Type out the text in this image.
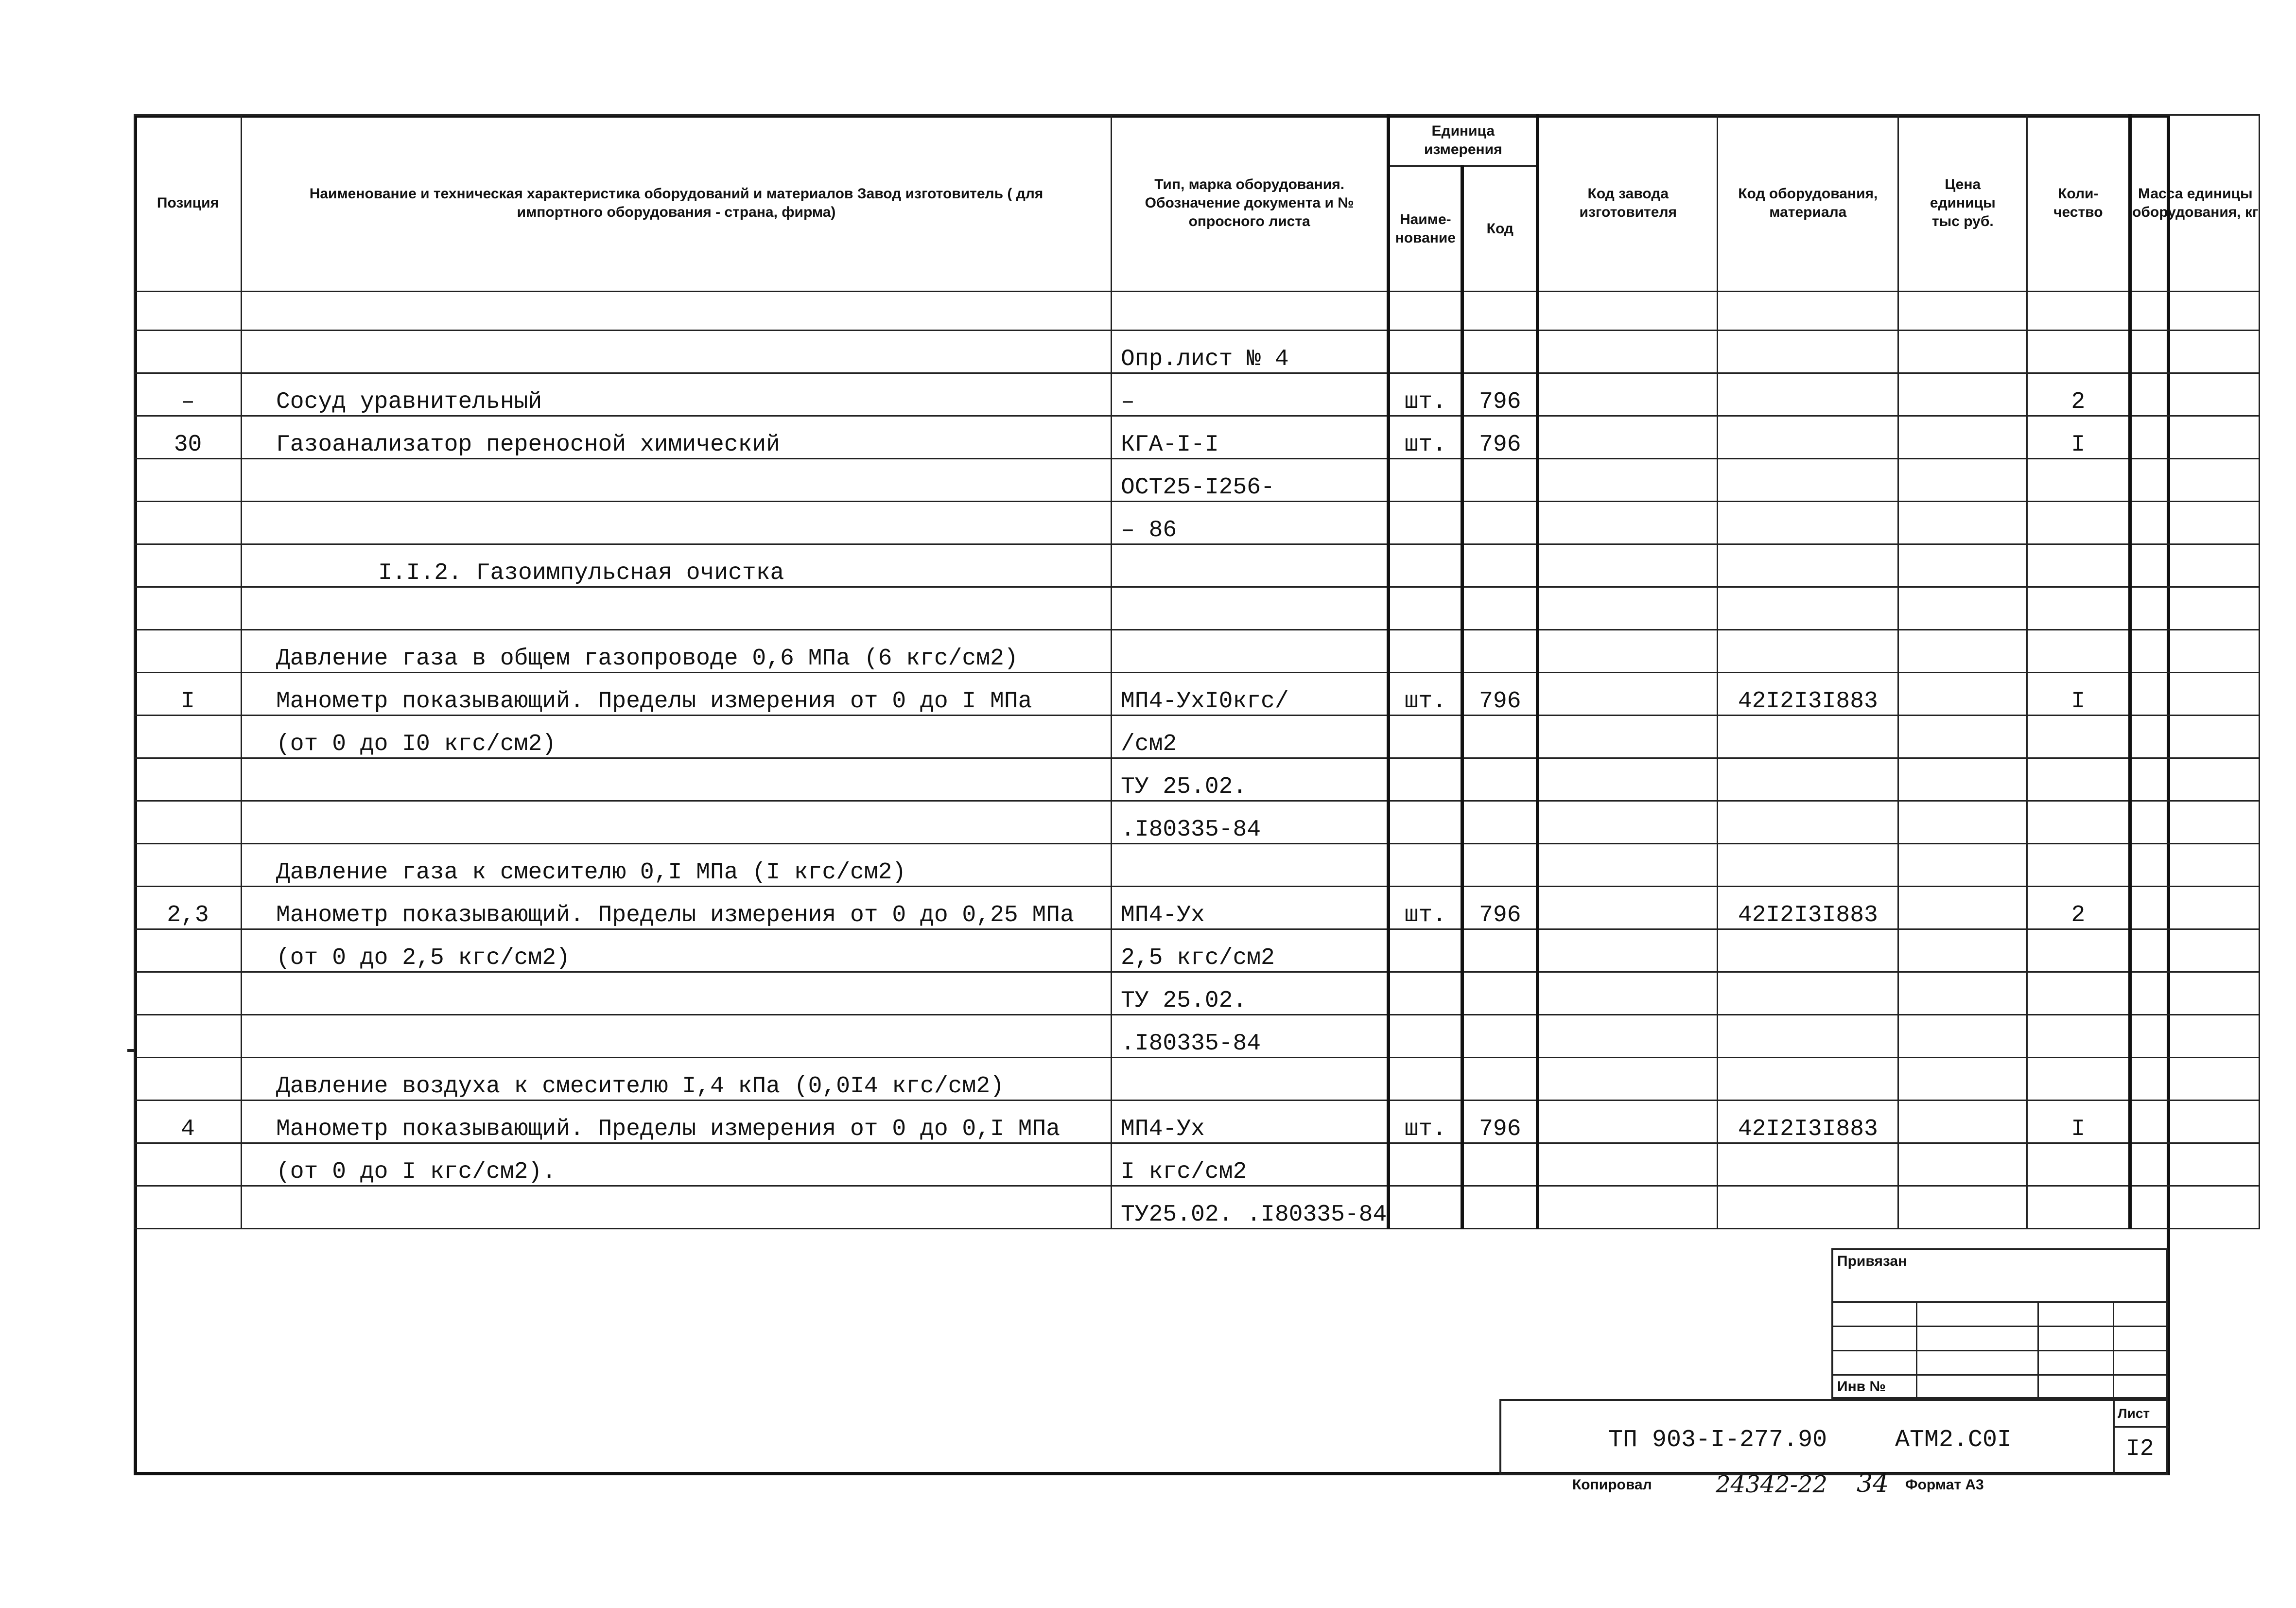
Позиция	Наименование и техническая характеристика оборудований и материалов Завод изготовитель ( для импортного оборудования - страна, фирма)	Тип, марка оборудования. Обозначение документа и № опросного листа	Единица измерения		Код завода изготовителя	Код оборудования, материала	Цена единицы тыс руб.	Коли-чество	Масса единицы оборудования, кг
			Наиме-нование	Код					

		Опр.лист № 4							
–	Сосуд уравнительный	–	шт.	796				2	
30	Газоанализатор переносной химический	КГА-I-I	шт.	796				I	
		ОСТ25-I256-							
		– 86							
	I.I.2. Газоимпульсная очистка								

	Давление газа в общем газопроводе 0,6 МПа (6 кгс/см2)								
I	Манометр показывающий. Пределы измерения от 0 до I МПа	МП4-УхI0кгс/	шт.	796		42I2I3I883		I	
	(от 0 до I0 кгс/см2)	/см2							
		ТУ 25.02.							
		.I80335-84							
	Давление газа к смесителю 0,I МПа (I кгс/см2)								
2,3	Манометр показывающий. Пределы измерения от 0 до 0,25 МПа	МП4-Ух	шт.	796		42I2I3I883		2	
	(от 0 до 2,5 кгс/см2)	2,5 кгс/см2							
		ТУ 25.02.							
		.I80335-84							
	Давление воздуха к смесителю I,4 кПа (0,0I4 кгс/см2)								
4	Манометр показывающий. Пределы измерения от 0 до 0,I МПа	МП4-Ух	шт.	796		42I2I3I883		I	
	(от 0 до I кгс/см2).	I кгс/см2							
		ТУ25.02. .I80335-84							
Привязан
Инв №
ТП 903-I-277.90	АТМ2.С0I
Лист
I2
Копировал	24342-22 34 Формат А3
